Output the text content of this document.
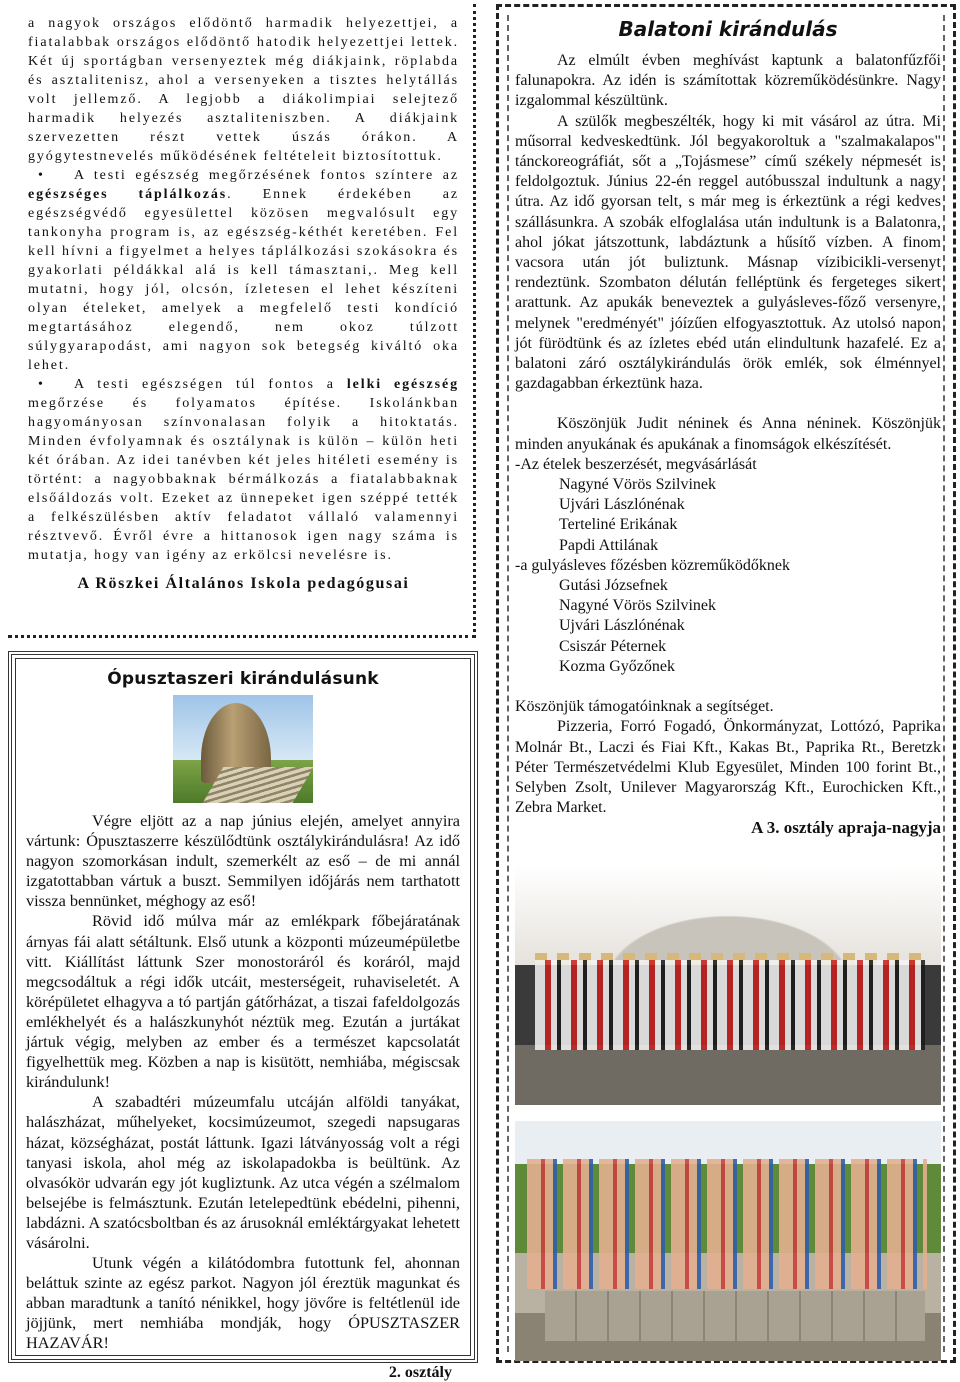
a nagyok országos elődöntő harmadik helyezettjei, a fiatalabbak országos elődöntő hatodik helyezettjei lettek. Két új sportágban versenyeztek még diákjaink, röplabda és asztalitenisz, ahol a versenyeken a tisztes helytállás volt jellemző. A legjobb a diákolimpiai selejtező harmadik helyezés asztaliteniszben. A diákjaink szervezetten részt vettek úszás órákon. A gyógytestnevelés működésének feltételeit biztosítottuk.

• A testi egészség megőrzésének fontos színtere az egészséges táplálkozás. Ennek érdekében az egészségvédő egyesülettel közösen megvalósult egy tankonyha program is, az egészség-kéthét keretében. Fel kell hívni a figyelmet a helyes táplálkozási szokásokra és gyakorlati példákkal alá is kell támasztani,. Meg kell mutatni, hogy jól, olcsón, ízletesen el lehet készíteni olyan ételeket, amelyek a megfelelő testi kondíció megtartásához elegendő, nem okoz túlzott súlygyarapodást, ami nagyon sok betegség kiváltó oka lehet.

• A testi egészségen túl fontos a lelki egészség megőrzése és folyamatos építése. Iskolánkban hagyományosan színvonalasan folyik a hitoktatás. Minden évfolyamnak és osztálynak is külön – külön heti két órában. Az idei tanévben két jeles hitéleti esemény is történt: a nagyobbaknak bérmálkozás a fiatalabbaknak elsőáldozás volt. Ezeket az ünnepeket igen széppé tették a felkészülésben aktív feladatot vállaló valamennyi résztvevő. Évről évre a hittanosok igen nagy száma is mutatja, hogy van igény az erkölcsi nevelésre is.

A Röszkei Általános Iskola pedagógusai
Ópusztaszeri kirándulásunk

Végre eljött az a nap június elején, amelyet annyira vártunk: Ópusztaszerre készülődtünk osztálykirándulásra! Az idő nagyon szomorkásan indult, szemerkélt az eső – de mi annál izgatottabban vártuk a buszt. Semmilyen időjárás nem tarthatott vissza bennünket, méghogy az eső!

Rövid idő múlva már az emlékpark főbejáratának árnyas fái alatt sétáltunk. Első utunk a központi múzeumépületbe vitt. Kiállítást láttunk Szer monostoráról és koráról, majd megcsodáltuk a régi idők utcáit, mesterségeit, ruhaviseletét. A körépületet elhagyva a tó partján gátőrházat, a tiszai fafeldolgozás emlékhelyét és a halászkunyhót néztük meg. Ezután a jurtákat jártuk végig, melyben az ember és a természet kapcsolatát figyelhettük meg. Közben a nap is kisütött, nemhiába, mégiscsak kirándulunk!

A szabadtéri múzeumfalu utcáján alföldi tanyákat, halászházat, műhelyeket, kocsimúzeumot, szegedi napsugaras házat, községházat, postát láttunk. Igazi látványosság volt a régi tanyasi iskola, ahol még az iskolapadokba is beültünk. Az olvasókör udvarán egy jót kugliztunk. Az utca végén a szélmalom belsejébe is felmásztunk. Ezután letelepedtünk ebédelni, pihenni, labdázni. A szatócsboltban és az árusoknál emléktárgyakat lehetett vásárolni.

Utunk végén a kilátódombra futottunk fel, ahonnan beláttuk szinte az egész parkot. Nagyon jól éreztük magunkat és abban maradtunk a tanító nénikkel, hogy jövőre is feltétlenül ide jöjjünk, mert nemhiába mondják, hogy ÓPUSZTASZER HAZAVÁR!

2. osztály
Balatoni kirándulás

Az elmúlt évben meghívást kaptunk a balatonfűzfői falunapokra. Az idén is számítottak közreműködésünkre. Nagy izgalommal készültünk.

A szülők megbeszélték, hogy ki mit vásárol az útra. Mi műsorral kedveskedtünk. Jól begyakoroltuk a "szalmakalapos" tánckoreográfiát, sőt a „Tojásmese” című székely népmesét is feldolgoztuk. Június 22-én reggel autóbusszal indultunk a nagy útra. Az idő gyorsan telt, s már meg is érkeztünk a régi kedves szállásunkra. A szobák elfoglalása után indultunk is a Balatonra, ahol jókat játszottunk, labdáztunk a hűsítő vízben. A finom vacsora után jót buliztunk. Másnap vízibicikli-versenyt rendeztünk. Szombaton délután felléptünk és fergeteges sikert arattunk. Az apukák beneveztek a gulyásleves-főző versenyre, melynek "eredményét" jóízűen elfogyasztottuk. Az utolsó napon jót fürödtünk és az ízletes ebéd után elindultunk hazafelé. Ez a balatoni záró osztálykirándulás örök emlék, sok élménnyel gazdagabban érkeztünk haza.

Köszönjük Judit néninek és Anna néninek. Köszönjük minden anyukának és apukának a finomságok elkészítését.

-Az ételek beszerzését, megvásárlását

Nagyné Vörös Szilvinek
Ujvári Lászlónénak
Terteliné Erikának
Papdi Attilának

-a gulyásleves főzésben közreműködőknek

Gutási Józsefnek
Nagyné Vörös Szilvinek
Ujvári Lászlónénak
Csiszár Péternek
Kozma Győzőnek

Köszönjük támogatóinknak a segítséget.

Pizzeria, Forró Fogadó, Önkormányzat, Lottózó, Paprika Molnár Bt., Laczi és Fiai Kft., Kakas Bt., Paprika Rt., Beretzk Péter Természetvédelmi Klub Egyesület, Minden 100 forint Bt., Selyben Zsolt, Unilever Magyarország Kft., Eurochicken Kft., Zebra Market.

A 3. osztály apraja-nagyja
